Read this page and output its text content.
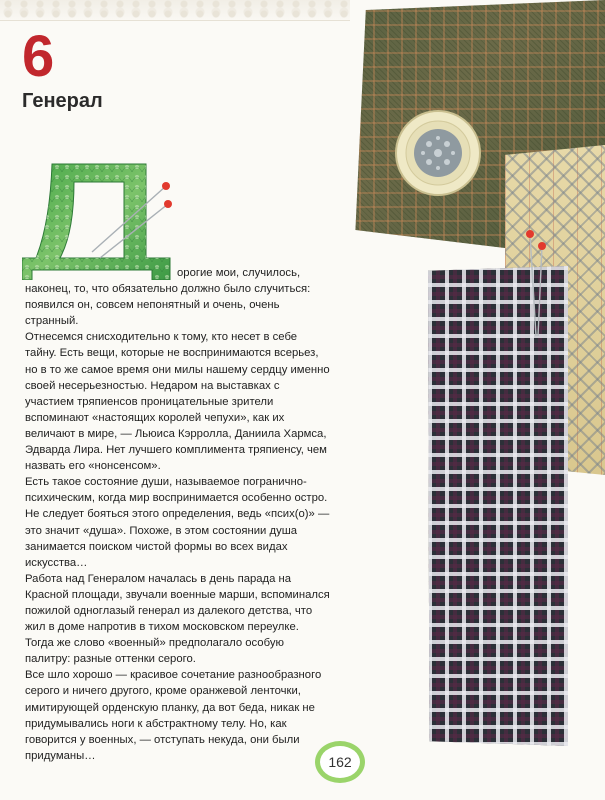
6
Генерал

орогие мои, случилось, наконец, то, что обязательно должно было случиться: появился он, совсем непонятный и очень, очень странный.

Отнесемся снисходительно к тому, кто несет в себе тайну. Есть вещи, которые не воспринимаются всерьез, но в то же самое время они милы нашему сердцу именно своей несерьезностью. Недаром на выставках с участием тряпиенсов проницательные зрители вспоминают «настоящих королей чепухи», как их величают в мире, — Льюиса Кэрролла, Даниила Хармса, Эдварда Лира. Нет лучшего комплимента тряпиенсу, чем назвать его «нонсенсом».

Есть такое состояние души, называемое погранично-психическим, когда мир воспринимается особенно остро. Не следует бояться этого определения, ведь «псих(о)» — это значит «душа». Похоже, в этом состоянии душа занимается поиском чистой формы во всех видах искусства…

Работа над Генералом началась в день парада на Красной площади, звучали военные марши, вспоминался пожилой одноглазый генерал из далекого детства, что жил в доме напротив в тихом московском переулке. Тогда же слово «военный» предполагало особую палитру: разные оттенки серого.

Все шло хорошо — красивое сочетание разнообразного серого и ничего другого, кроме оранжевой ленточки, имитирующей орденскую планку, да вот беда, никак не придумывались ноги к абстрактному телу. Но, как говорится у военных, — отступать некуда, они были придуманы…	162
